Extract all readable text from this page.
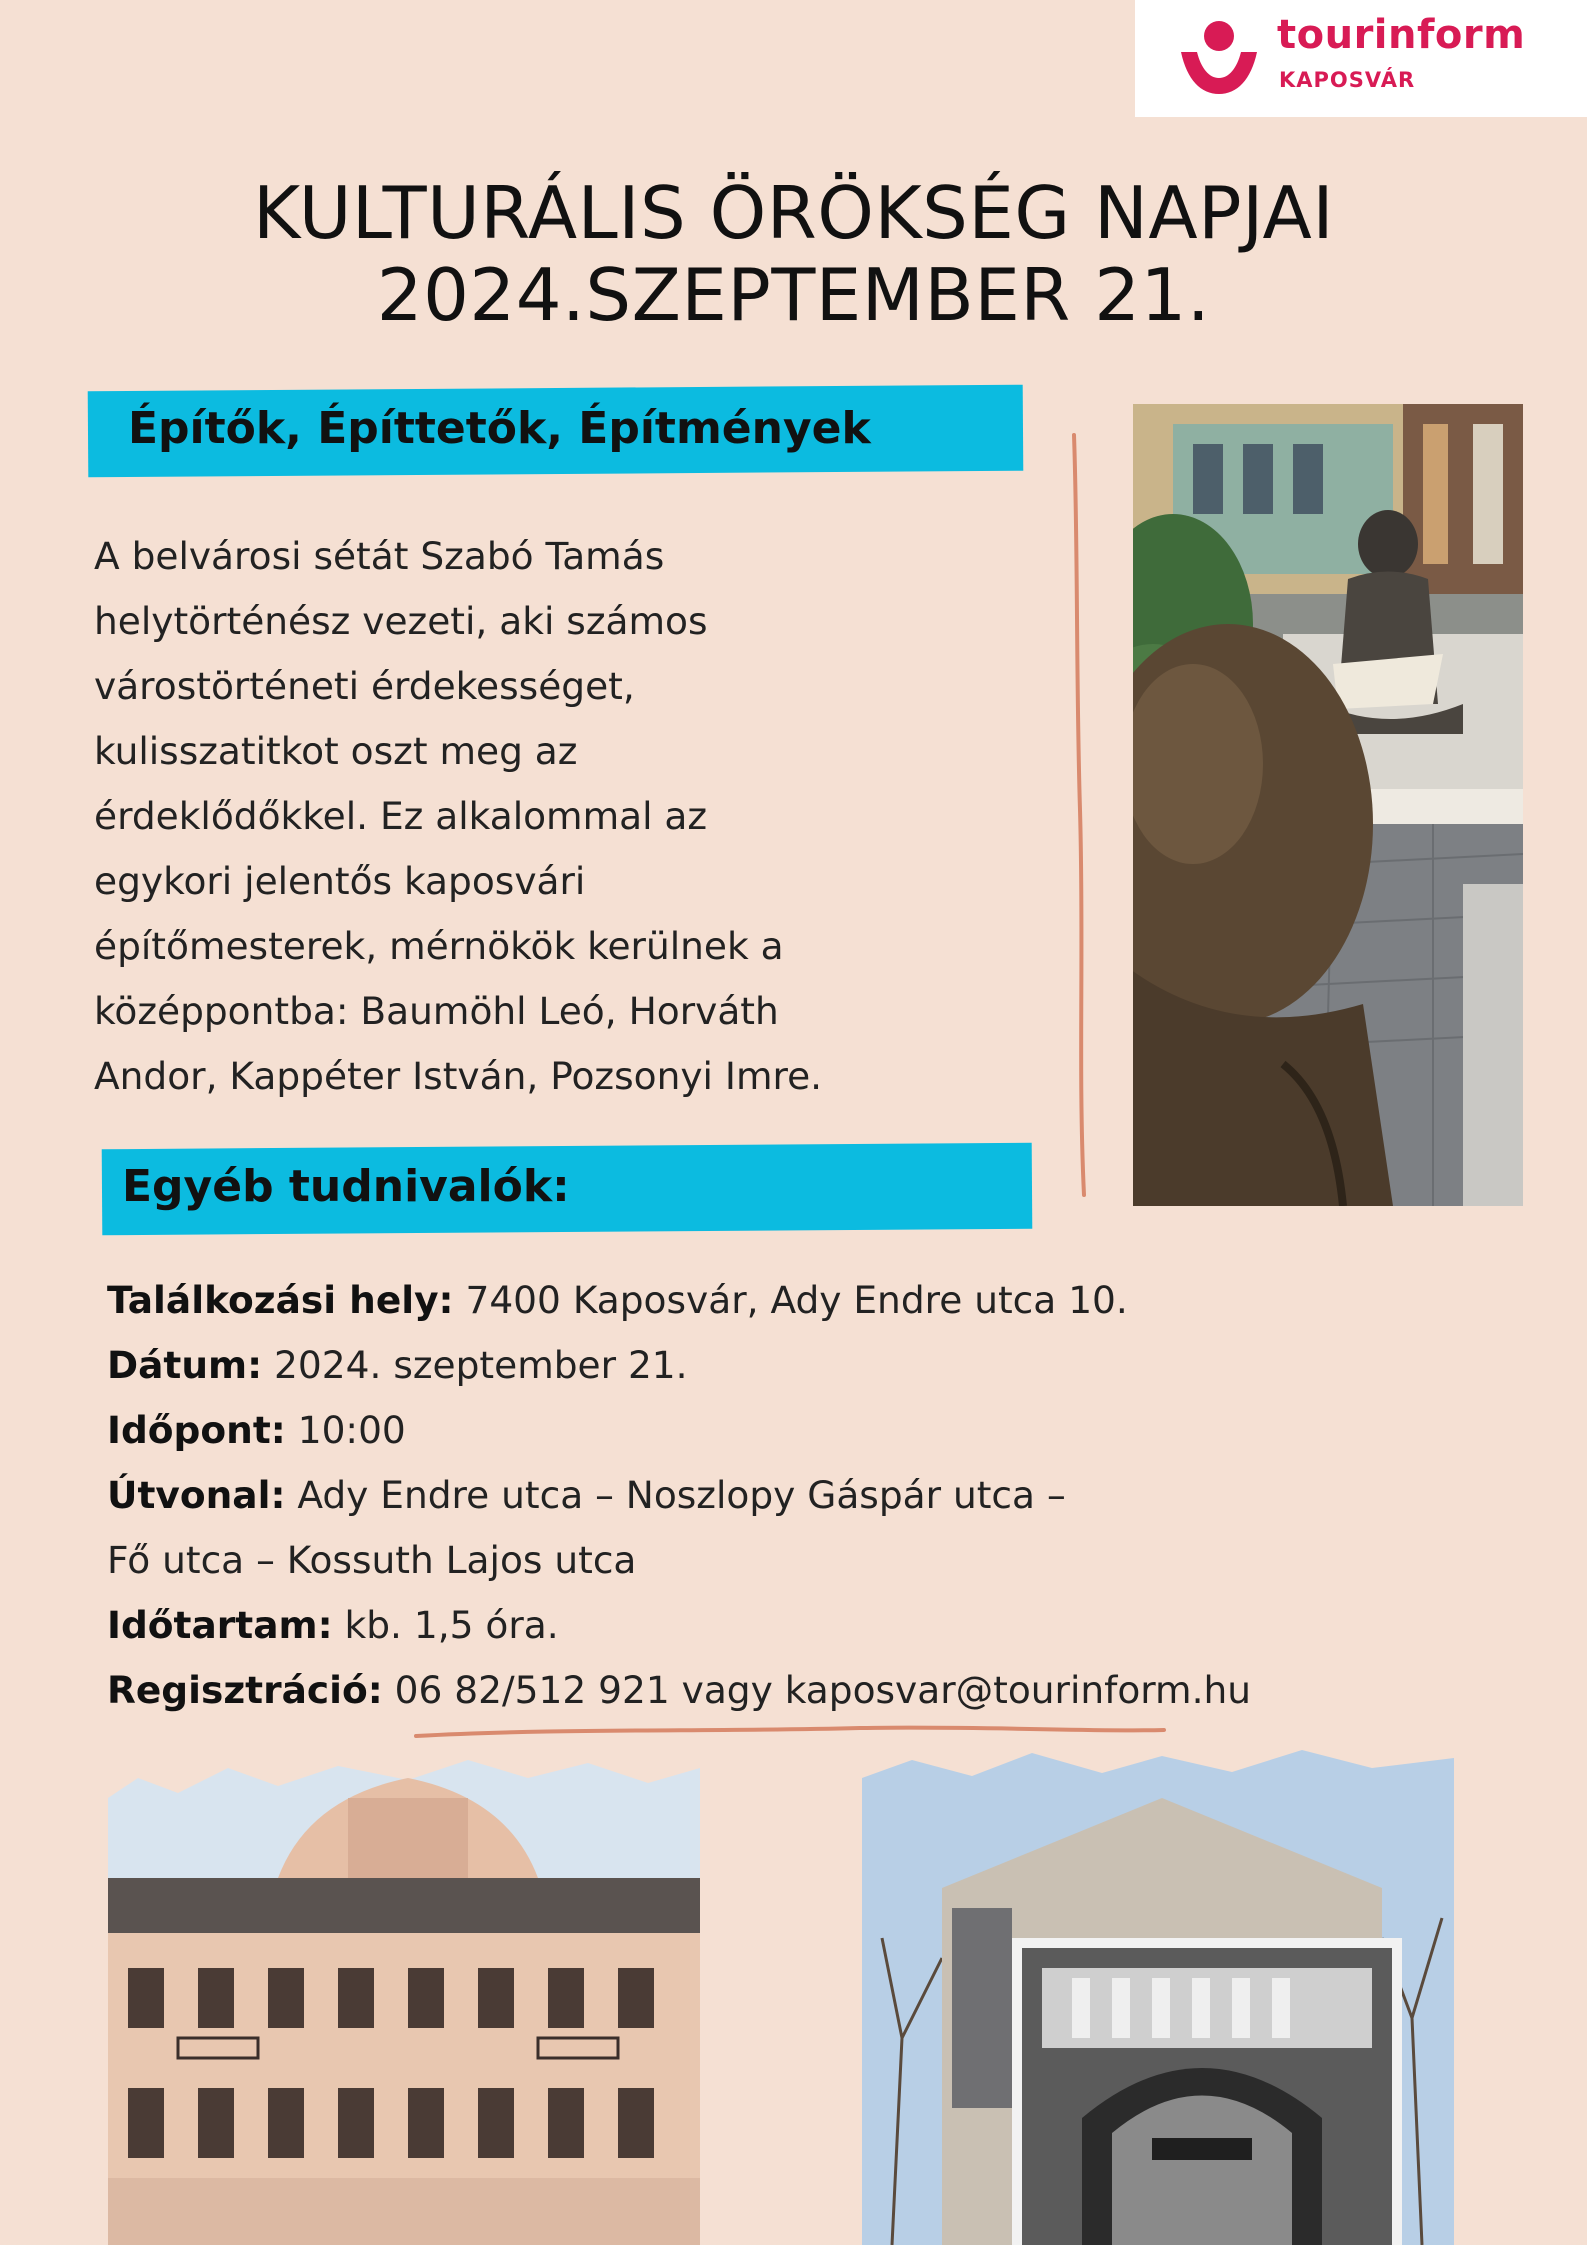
tourinform
KAPOSVÁR
KULTURÁLIS ÖRÖKSÉG NAPJAI
2024.SZEPTEMBER 21.
Építők, Építtetők, Építmények
A belvárosi sétát Szabó Tamás
helytörténész vezeti, aki számos
várostörténeti érdekességet,
kulisszatitkot oszt meg az
érdeklődőkkel. Ez alkalommal az
egykori jelentős kaposvári
építőmesterek, mérnökök kerülnek a
középpontba: Baumöhl Leó, Horváth
Andor, Kappéter István, Pozsonyi Imre.
Egyéb tudnivalók:
Találkozási hely: 7400 Kaposvár, Ady Endre utca 10.
Dátum: 2024. szeptember 21.
Időpont: 10:00
Útvonal: Ady Endre utca – Noszlopy Gáspár utca –
Fő utca – Kossuth Lajos utca
Időtartam: kb. 1,5 óra.
Regisztráció: 06 82/512 921 vagy kaposvar@tourinform.hu
